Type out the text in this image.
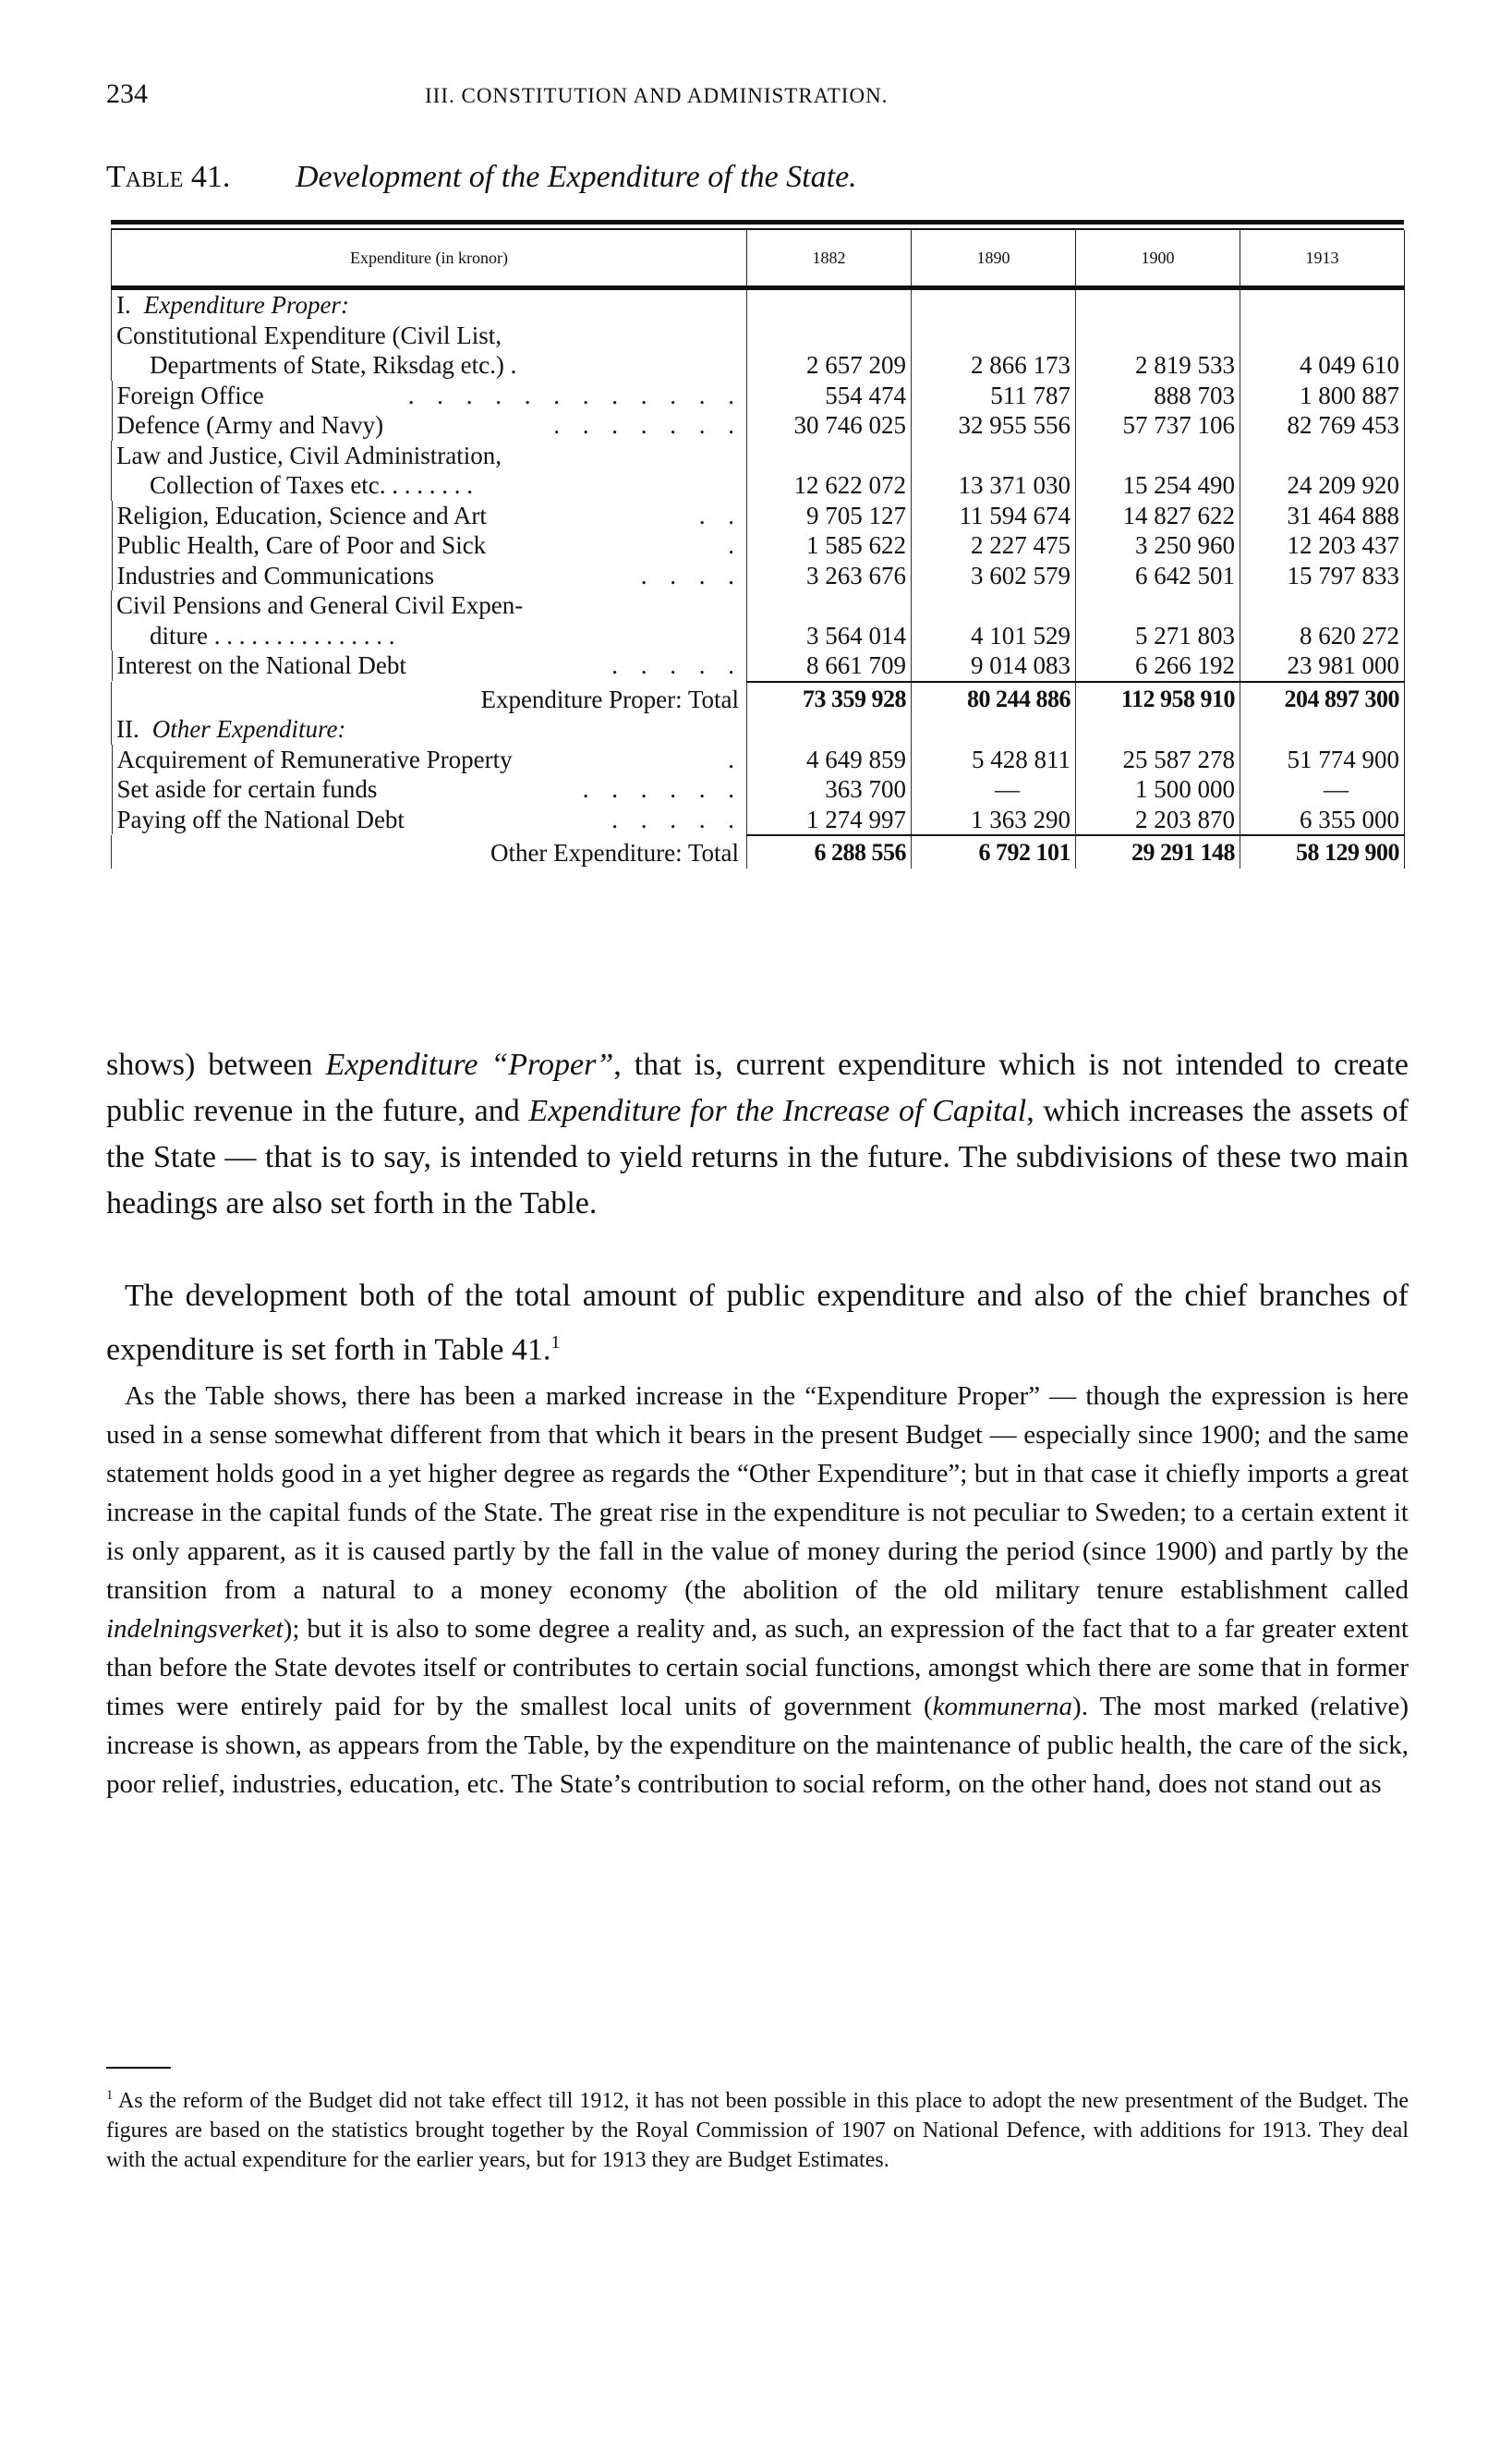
234	III. CONSTITUTION AND ADMINISTRATION.
Table 41. Development of the Expenditure of the State.
Expenditure (in kronor)	1882	1890	1900	1913
I. Expenditure Proper:				

Constitutional Expenditure (Civil List,
Departments of State, Riksdag etc.) .	2 657 209	2 866 173	2 819 533	4 049 610

Foreign Office	. . . . . . . . . . . .	554 474	511 787	888 703	1 800 887

Defence (Army and Navy)	. . . . . . . 30 746 025	32 955 556	57 737 106	82 769 453

Law and Justice, Civil Administration,
Collection of Taxes etc. . . . . . . .	12 622 072	13 371 030	15 254 490	24 209 920

Religion, Education, Science and Art	. .	9 705 127	11 594 674	14 827 622	31 464 888

Public Health, Care of Poor and Sick	.	1 585 622	2 227 475	3 250 960	12 203 437

Industries and Communications	. . . .	3 263 676	3 602 579	6 642 501	15 797 833

Civil Pensions and General Civil Expen-
diture . . . . . . . . . . . . . . .	3 564 014	4 101 529	5 271 803	8 620 272

Interest on the National Debt	. . . . .	8 661 709	9 014 083	6 266 192	23 981 000

Expenditure Proper: Total	73 359 928	80 244 886	112 958 910	204 897 300
II. Other Expenditure:				

Acquirement of Remunerative Property	.	4 649 859	5 428 811	25 587 278	51 774 900

Set aside for certain funds	. . . . . .	363 700	—	1 500 000	—

Paying off the National Debt	. . . . .	1 274 997	1 363 290	2 203 870	6 355 000

Other Expenditure: Total	6 288 556	6 792 101	29 291 148	58 129 900
shows) between Expenditure “Proper”, that is, current expenditure which is not intended to create public revenue in the future, and Expenditure for the Increase of Capital, which increases the assets of the State — that is to say, is intended to yield returns in the future. The subdivisions of these two main headings are also set forth in the Table.
The development both of the total amount of public expenditure and also of the chief branches of expenditure is set forth in Table 41.$^1$
As the Table shows, there has been a marked increase in the “Expenditure Proper” — though the expression is here used in a sense somewhat different from that which it bears in the present Budget — especially since 1900; and the same statement holds good in a yet higher degree as regards the “Other Expenditure”; but in that case it chiefly imports a great increase in the capital funds of the State. The great rise in the expenditure is not peculiar to Sweden; to a certain extent it is only apparent, as it is caused partly by the fall in the value of money during the period (since 1900) and partly by the transition from a natural to a money economy (the abolition of the old military tenure establishment called indelningsverket); but it is also to some degree a reality and, as such, an expression of the fact that to a far greater extent than before the State devotes itself or contributes to certain social functions, amongst which there are some that in former times were entirely paid for by the smallest local units of government (kommunerna). The most marked (relative) increase is shown, as appears from the Table, by the expenditure on the maintenance of public health, the care of the sick, poor relief, industries, education, etc. The State’s contribution to social reform, on the other hand, does not stand out as
$^1$ As the reform of the Budget did not take effect till 1912, it has not been possible in this place to adopt the new presentment of the Budget. The figures are based on the statistics brought together by the Royal Commission of 1907 on National Defence, with additions for 1913. They deal with the actual expenditure for the earlier years, but for 1913 they are Budget Estimates.
